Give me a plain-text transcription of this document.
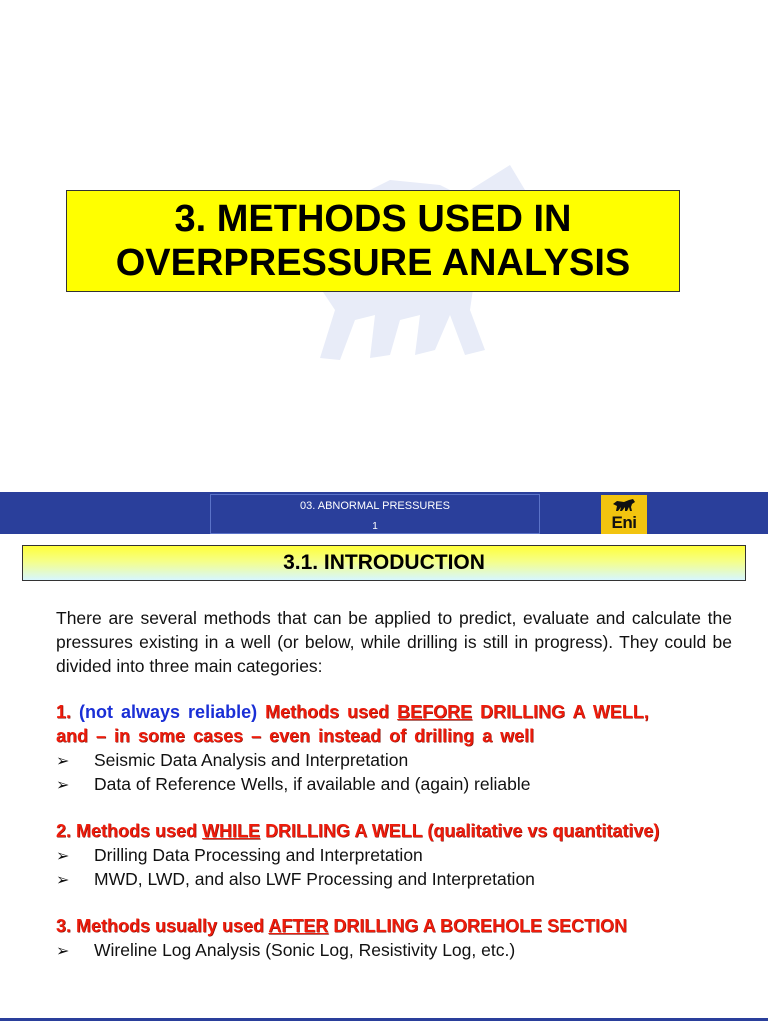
3. METHODS USED IN
OVERPRESSURE ANALYSIS
03. ABNORMAL PRESSURES
1	Eni
3.1. INTRODUCTION
There are several methods that can be applied to predict, evaluate and calculate the pressures existing in a well (or below, while drilling is still in progress). They could be divided into three main categories:
1. (not always reliable) Methods used BEFORE DRILLING A WELL,
and – in some cases – even instead of drilling a well
➢ Seismic Data Analysis and Interpretation
➢ Data of Reference Wells, if available and (again) reliable
2. Methods used WHILE DRILLING A WELL (qualitative vs quantitative)
➢ Drilling Data Processing and Interpretation
➢ MWD, LWD, and also LWF Processing and Interpretation
3. Methods usually used AFTER DRILLING A BOREHOLE SECTION
➢ Wireline Log Analysis (Sonic Log, Resistivity Log, etc.)
